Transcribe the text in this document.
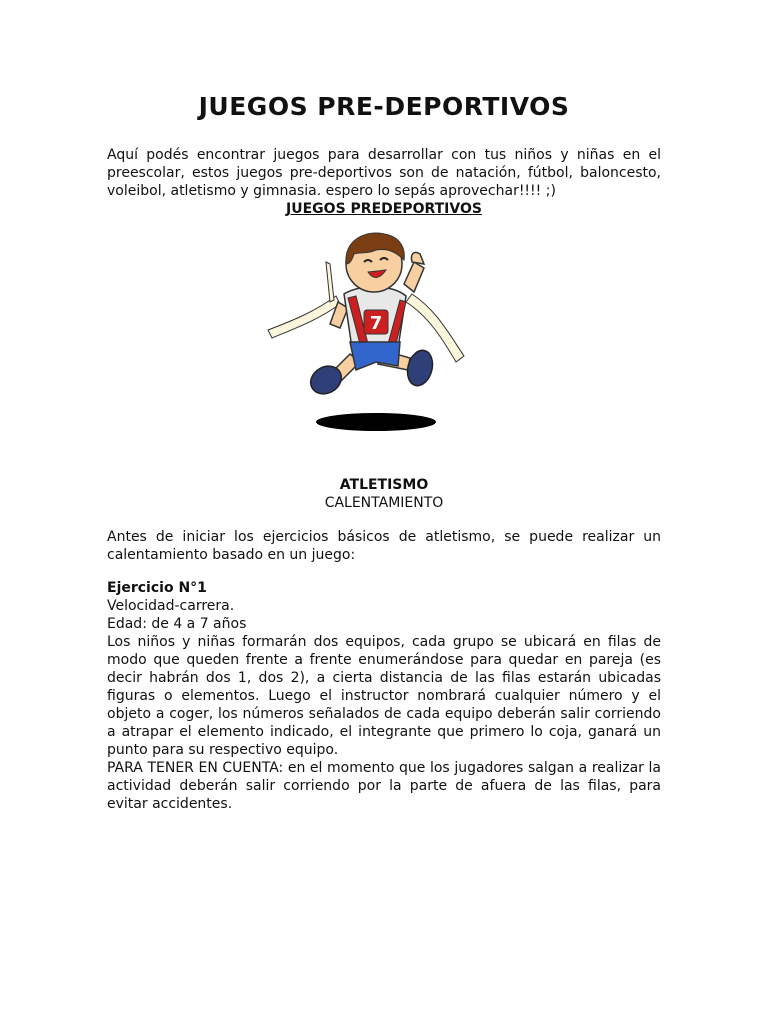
JUEGOS PRE-DEPORTIVOS

Aquí podés encontrar juegos para desarrollar con tus niños y niñas en el preescolar, estos juegos pre-deportivos son de natación, fútbol, baloncesto, voleibol, atletismo y gimnasia. espero lo sepás aprovechar!!!! ;)

JUEGOS PREDEPORTIVOS

7

ATLETISMO

CALENTAMIENTO

Antes de iniciar los ejercicios básicos de atletismo, se puede realizar un calentamiento basado en un juego:

Ejercicio N°1

Velocidad-carrera.

Edad: de 4 a 7 años

Los niños y niñas formarán dos equipos, cada grupo se ubicará en filas de modo que queden frente a frente enumerándose para quedar en pareja (es decir habrán dos 1, dos 2), a cierta distancia de las filas estarán ubicadas figuras o elementos. Luego el instructor nombrará cualquier número y el objeto a coger, los números señalados de cada equipo deberán salir corriendo a atrapar el elemento indicado, el integrante que primero lo coja, ganará un punto para su respectivo equipo.

PARA TENER EN CUENTA: en el momento que los jugadores salgan a realizar la actividad deberán salir corriendo por la parte de afuera de las filas, para evitar accidentes.
